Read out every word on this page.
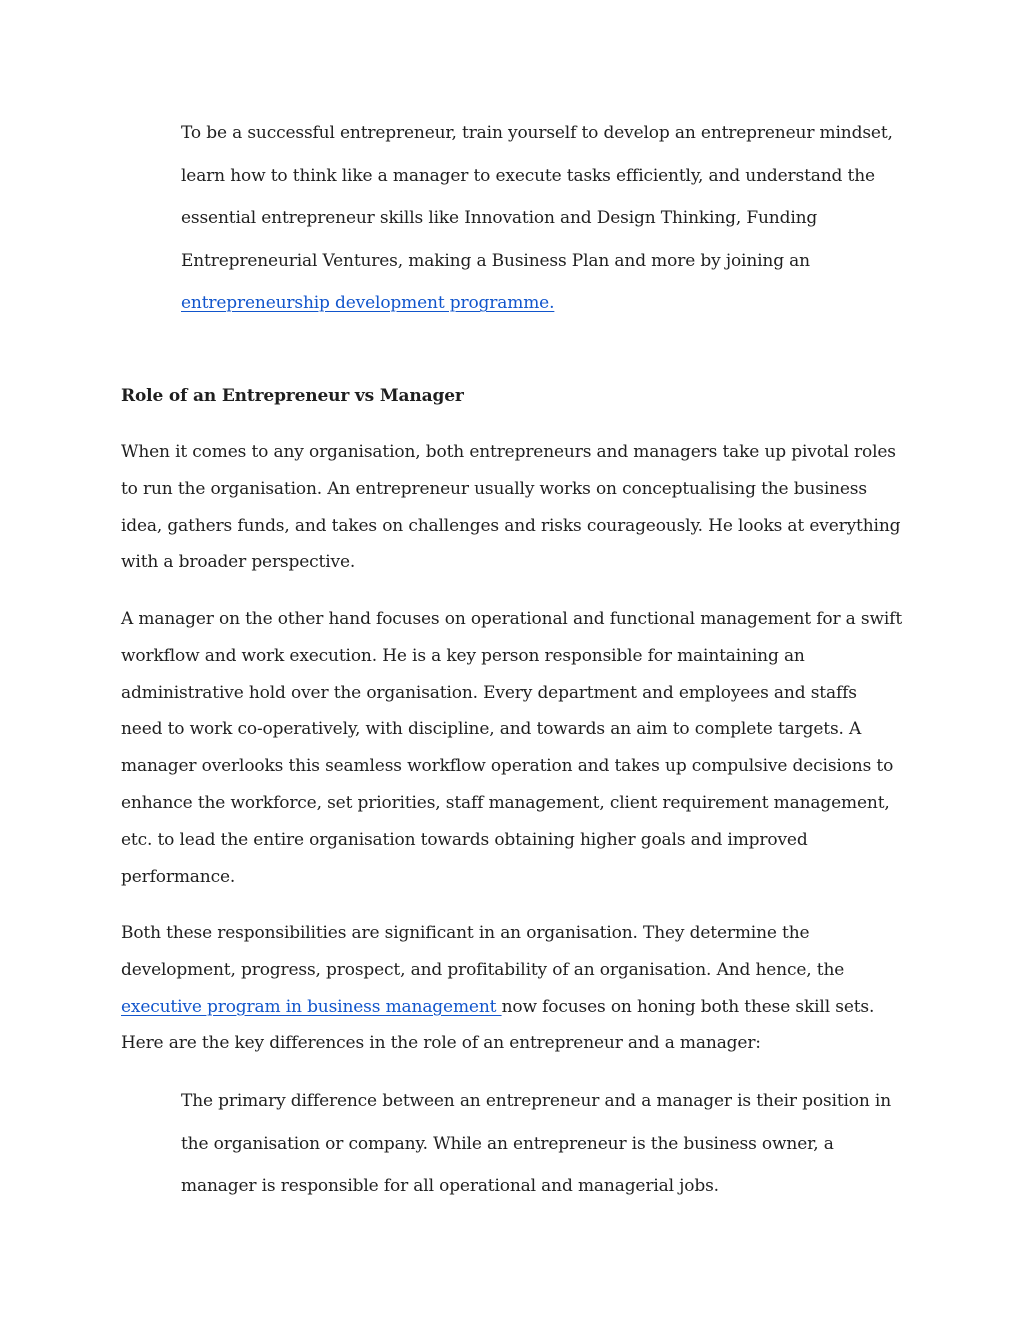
To be a successful entrepreneur, train yourself to develop an entrepreneur mindset,
learn how to think like a manager to execute tasks efficiently, and understand the
essential entrepreneur skills like Innovation and Design Thinking, Funding
Entrepreneurial Ventures, making a Business Plan and more by joining an
entrepreneurship development programme.

Role of an Entrepreneur vs Manager

When it comes to any organisation, both entrepreneurs and managers take up pivotal roles
to run the organisation. An entrepreneur usually works on conceptualising the business
idea, gathers funds, and takes on challenges and risks courageously. He looks at everything
with a broader perspective.

A manager on the other hand focuses on operational and functional management for a swift
workflow and work execution. He is a key person responsible for maintaining an
administrative hold over the organisation. Every department and employees and staffs
need to work co-operatively, with discipline, and towards an aim to complete targets. A
manager overlooks this seamless workflow operation and takes up compulsive decisions to
enhance the workforce, set priorities, staff management, client requirement management,
etc. to lead the entire organisation towards obtaining higher goals and improved
performance.

Both these responsibilities are significant in an organisation. They determine the
development, progress, prospect, and profitability of an organisation. And hence, the
executive program in business management now focuses on honing both these skill sets.
Here are the key differences in the role of an entrepreneur and a manager:

The primary difference between an entrepreneur and a manager is their position in
the organisation or company. While an entrepreneur is the business owner, a
manager is responsible for all operational and managerial jobs.
